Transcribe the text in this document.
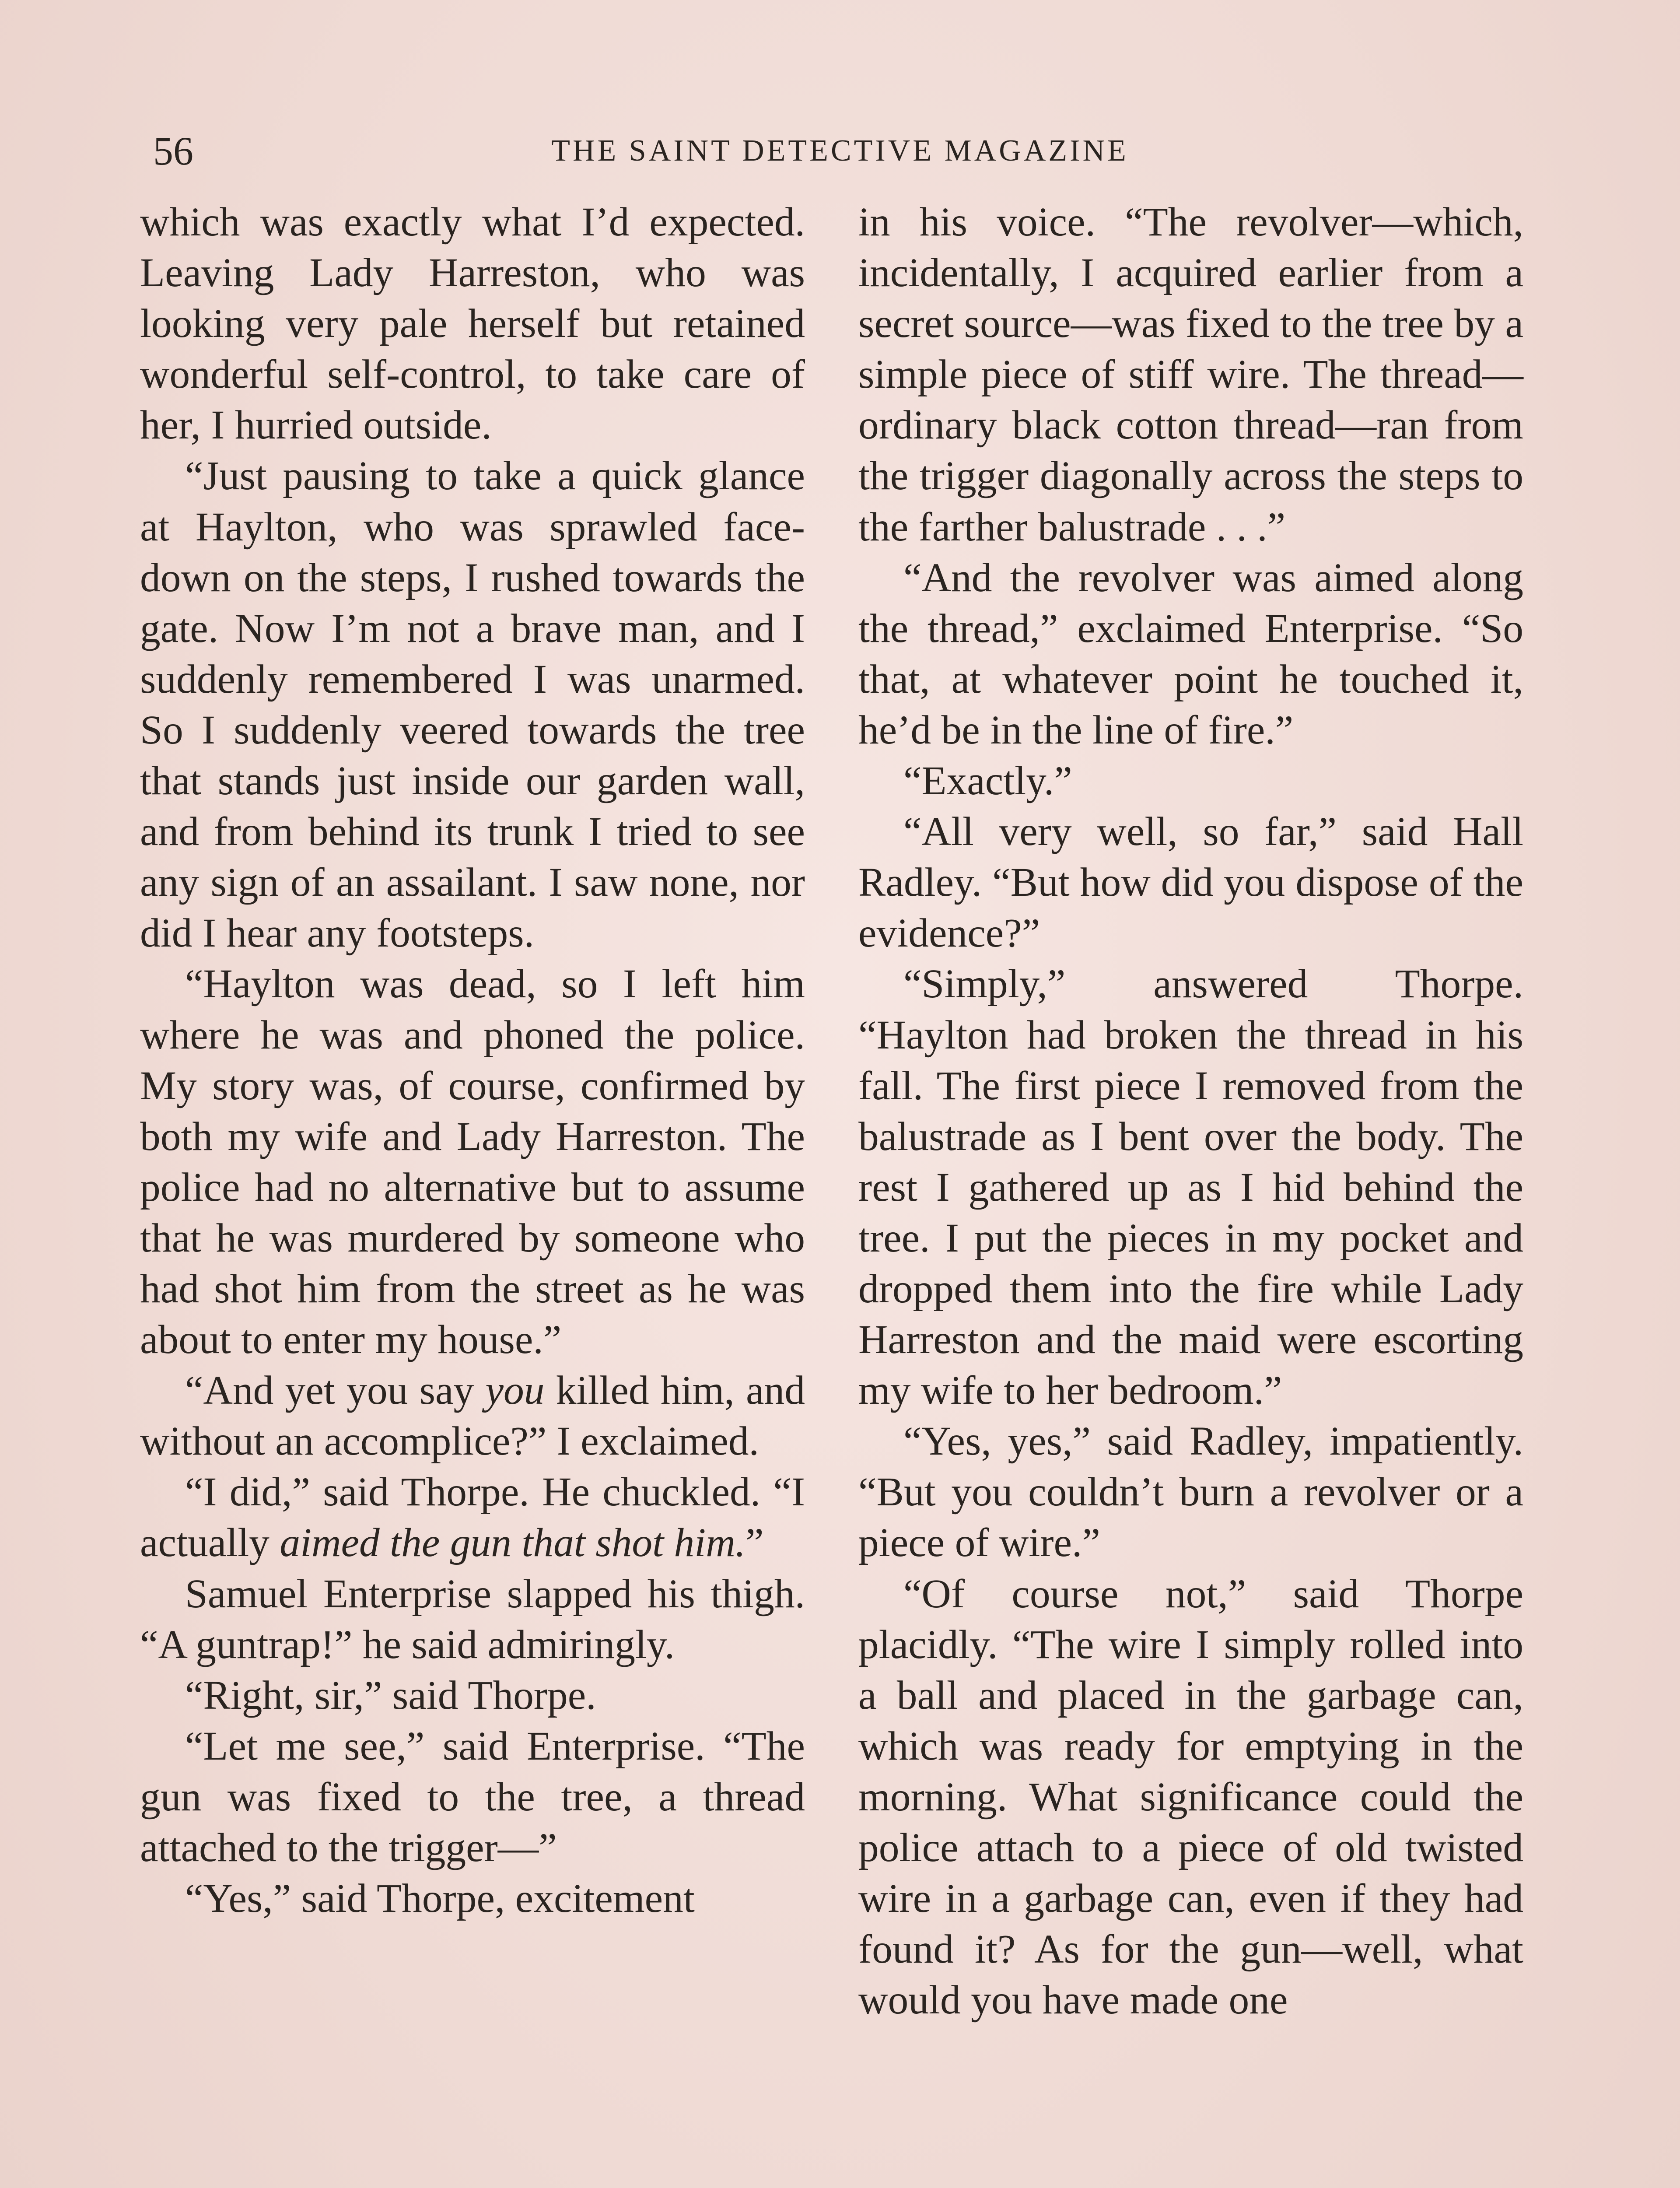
56	THE SAINT DETECTIVE MAGAZINE

which was exactly what I’d expected. Leaving Lady Harreston, who was looking very pale herself but retained wonderful self-control, to take care of her, I hurried outside.

“Just pausing to take a quick glance at Haylton, who was sprawled face-down on the steps, I rushed towards the gate. Now I’m not a brave man, and I suddenly remembered I was unarmed. So I suddenly veered towards the tree that stands just inside our garden wall, and from behind its trunk I tried to see any sign of an assailant. I saw none, nor did I hear any footsteps.

“Haylton was dead, so I left him where he was and phoned the police. My story was, of course, confirmed by both my wife and Lady Harreston. The police had no alternative but to assume that he was murdered by someone who had shot him from the street as he was about to enter my house.”

“And yet you say you killed him, and without an accomplice?” I exclaimed.

“I did,” said Thorpe. He chuckled. “I actually aimed the gun that shot him.”

Samuel Enterprise slapped his thigh. “A guntrap!” he said admiringly.

“Right, sir,” said Thorpe.

“Let me see,” said Enterprise. “The gun was fixed to the tree, a thread attached to the trigger—”

“Yes,” said Thorpe, excitement

in his voice. “The revolver—which, incidentally, I acquired earlier from a secret source—was fixed to the tree by a simple piece of stiff wire. The thread—ordinary black cotton thread—ran from the trigger diagonally across the steps to the farther balustrade . . .”

“And the revolver was aimed along the thread,” exclaimed Enterprise. “So that, at whatever point he touched it, he’d be in the line of fire.”

“Exactly.”

“All very well, so far,” said Hall Radley. “But how did you dispose of the evidence?”

“Simply,” answered Thorpe. “Haylton had broken the thread in his fall. The first piece I removed from the balustrade as I bent over the body. The rest I gathered up as I hid behind the tree. I put the pieces in my pocket and dropped them into the fire while Lady Harreston and the maid were escorting my wife to her bedroom.”

“Yes, yes,” said Radley, impatiently. “But you couldn’t burn a revolver or a piece of wire.”

“Of course not,” said Thorpe placidly. “The wire I simply rolled into a ball and placed in the garbage can, which was ready for emptying in the morning. What significance could the police attach to a piece of old twisted wire in a garbage can, even if they had found it? As for the gun—well, what would you have made one
